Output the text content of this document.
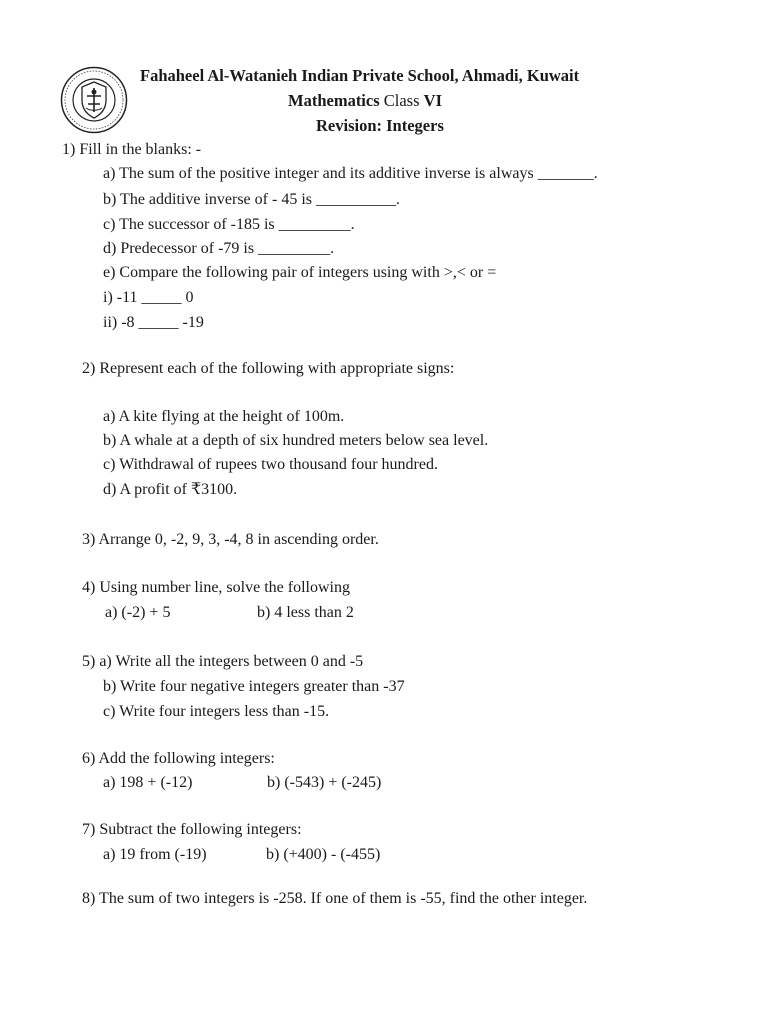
Fahaheel Al-Watanieh Indian Private School, Ahmadi, Kuwait
Mathematics Class VI
Revision: Integers
1) Fill in the blanks: -
a) The sum of the positive integer and its additive inverse is always _______.
b) The additive inverse of - 45 is __________.
c) The successor of -185 is _________.
d) Predecessor of -79 is _________.
e) Compare the following pair of integers using with >,< or =
i) -11 _____ 0
ii) -8 _____ -19
2) Represent each of the following with appropriate signs:
a) A kite flying at the height of 100m.
b) A whale at a depth of six hundred meters below sea level.
c) Withdrawal of rupees two thousand four hundred.
d) A profit of ₹3100.
3) Arrange 0, -2, 9, 3, -4, 8 in ascending order.
4) Using number line, solve the following
a) (-2) + 5	b) 4 less than 2
5) a) Write all the integers between 0 and -5
b) Write four negative integers greater than -37
c) Write four integers less than -15.
6) Add the following integers:
a) 198 + (-12)	b) (-543) + (-245)
7) Subtract the following integers:
a) 19 from (-19)	b) (+400) - (-455)
8) The sum of two integers is -258. If one of them is -55, find the other integer.
